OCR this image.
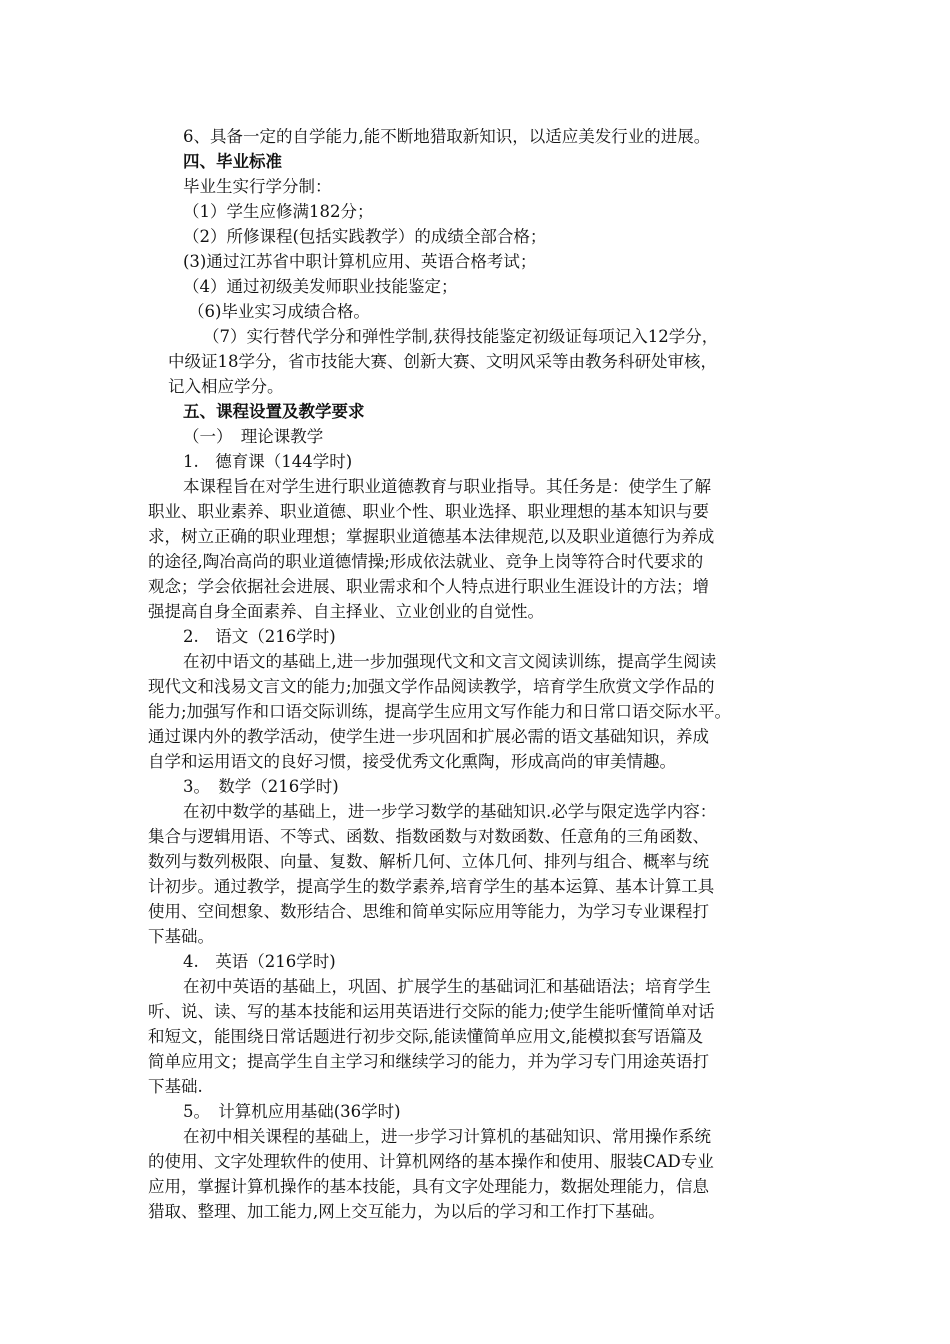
6、具备一定的自学能力,能不断地猎取新知识，以适应美发行业的进展。
四、毕业标准
毕业生实行学分制：
（1）学生应修满182分；
（2）所修课程(包括实践教学）的成绩全部合格；
(3)通过江苏省中职计算机应用、英语合格考试；
（4）通过初级美发师职业技能鉴定；
（6)毕业实习成绩合格。
（7）实行替代学分和弹性学制,获得技能鉴定初级证每项记入12学分，
中级证18学分，省市技能大赛、创新大赛、文明风采等由教务科研处审核，
记入相应学分。
五、课程设置及教学要求
（一）　理论课教学
1.　德育课（144学时)
本课程旨在对学生进行职业道德教育与职业指导。其任务是：使学生了解
职业、职业素养、职业道德、职业个性、职业选择、职业理想的基本知识与要
求，树立正确的职业理想；掌握职业道德基本法律规范,以及职业道德行为养成
的途径,陶冶高尚的职业道德情操;形成依法就业、竞争上岗等符合时代要求的
观念；学会依据社会进展、职业需求和个人特点进行职业生涯设计的方法；增
强提高自身全面素养、自主择业、立业创业的自觉性。
2.　语文（216学时)
在初中语文的基础上,进一步加强现代文和文言文阅读训练，提高学生阅读
现代文和浅易文言文的能力;加强文学作品阅读教学，培育学生欣赏文学作品的
能力;加强写作和口语交际训练，提高学生应用文写作能力和日常口语交际水平。
通过课内外的教学活动，使学生进一步巩固和扩展必需的语文基础知识，养成
自学和运用语文的良好习惯，接受优秀文化熏陶，形成高尚的审美情趣。
3。　数学（216学时)
在初中数学的基础上，进一步学习数学的基础知识.必学与限定选学内容：
集合与逻辑用语、不等式、函数、指数函数与对数函数、任意角的三角函数、
数列与数列极限、向量、复数、解析几何、立体几何、排列与组合、概率与统
计初步。通过教学，提高学生的数学素养,培育学生的基本运算、基本计算工具
使用、空间想象、数形结合、思维和简单实际应用等能力，为学习专业课程打
下基础。
4.　英语（216学时)
在初中英语的基础上，巩固、扩展学生的基础词汇和基础语法；培育学生
听、说、读、写的基本技能和运用英语进行交际的能力;使学生能听懂简单对话
和短文，能围绕日常话题进行初步交际,能读懂简单应用文,能模拟套写语篇及
简单应用文；提高学生自主学习和继续学习的能力，并为学习专门用途英语打
下基础.
5。　计算机应用基础(36学时)
在初中相关课程的基础上，进一步学习计算机的基础知识、常用操作系统
的使用、文字处理软件的使用、计算机网络的基本操作和使用、服装CAD专业
应用，掌握计算机操作的基本技能，具有文字处理能力，数据处理能力，信息
猎取、整理、加工能力,网上交互能力，为以后的学习和工作打下基础。
